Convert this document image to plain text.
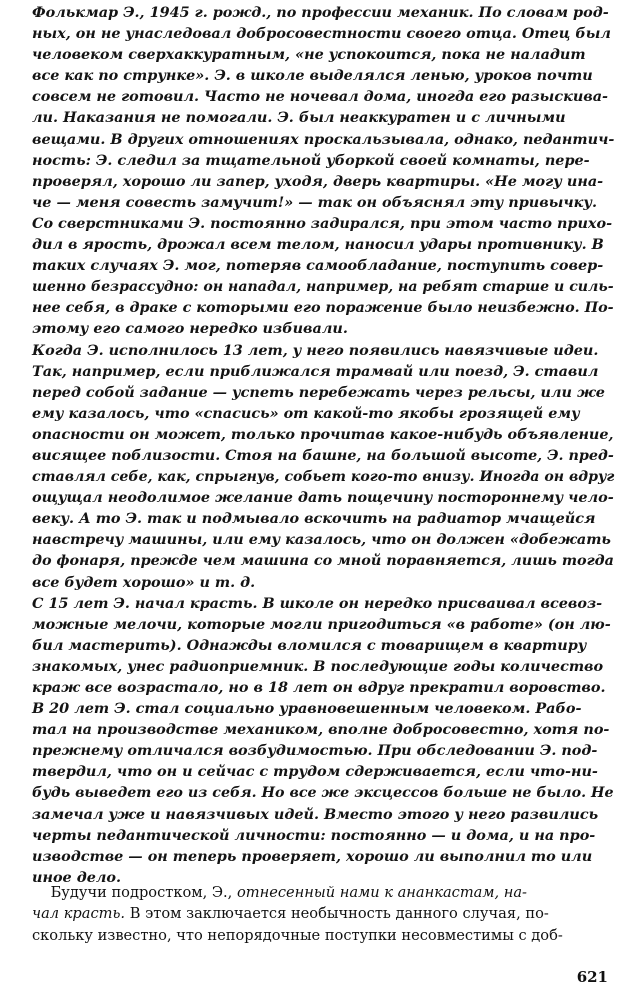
Фолькмар Э., 1945 г. рожд., по профессии механик. По словам род-
ных, он не унаследовал добросовестности своего отца. Отец был
человеком сверхаккуратным, «не успокоится, пока не наладит
все как по струнке». Э. в школе выделялся ленью, уроков почти
совсем не готовил. Часто не ночевал дома, иногда его разыскива-
ли. Наказания не помогали. Э. был неаккуратен и с личными
вещами. В других отношениях проскальзывала, однако, педантич-
ность: Э. следил за тщательной уборкой своей комнаты, пере-
проверял, хорошо ли запер, уходя, дверь квартиры. «Не могу ина-
че — меня совесть замучит!» — так он объяснял эту привычку.
Со сверстниками Э. постоянно задирался, при этом часто прихо-
дил в ярость, дрожал всем телом, наносил удары противнику. В
таких случаях Э. мог, потеряв самообладание, поступить совер-
шенно безрассудно: он нападал, например, на ребят старше и силь-
нее себя, в драке с которыми его поражение было неизбежно. По-
этому его самого нередко избивали.
Когда Э. исполнилось 13 лет, у него появились навязчивые идеи.
Так, например, если приближался трамвай или поезд, Э. ставил
перед собой задание — успеть перебежать через рельсы, или же
ему казалось, что «спасись» от какой-то якобы грозящей ему
опасности он может, только прочитав какое-нибудь объявление,
висящее поблизости. Стоя на башне, на большой высоте, Э. пред-
ставлял себе, как, спрыгнув, собьет кого-то внизу. Иногда он вдруг
ощущал неодолимое желание дать пощечину постороннему чело-
веку. А то Э. так и подмывало вскочить на радиатор мчащейся
навстречу машины, или ему казалось, что он должен «добежать
до фонаря, прежде чем машина со мной поравняется, лишь тогда
все будет хорошо» и т. д.
С 15 лет Э. начал красть. В школе он нередко присваивал всевоз-
можные мелочи, которые могли пригодиться «в работе» (он лю-
бил мастерить). Однажды вломился с товарищем в квартиру
знакомых, унес радиоприемник. В последующие годы количество
краж все возрастало, но в 18 лет он вдруг прекратил воровство.
В 20 лет Э. стал социально уравновешенным человеком. Рабо-
тал на производстве механиком, вполне добросовестно, хотя по-
прежнему отличался возбудимостью. При обследовании Э. под-
твердил, что он и сейчас с трудом сдерживается, если что-ни-
будь выведет его из себя. Но все же эксцессов больше не было. Не
замечал уже и навязчивых идей. Вместо этого у него развились
черты педантической личности: постоянно — и дома, и на про-
изводстве — он теперь проверяет, хорошо ли выполнил то или
иное дело.
Будучи подростком, Э., отнесенный нами к ананкастам, на-
чал красть. В этом заключается необычность данного случая, по-
скольку известно, что непорядочные поступки несовместимы с доб-
621
